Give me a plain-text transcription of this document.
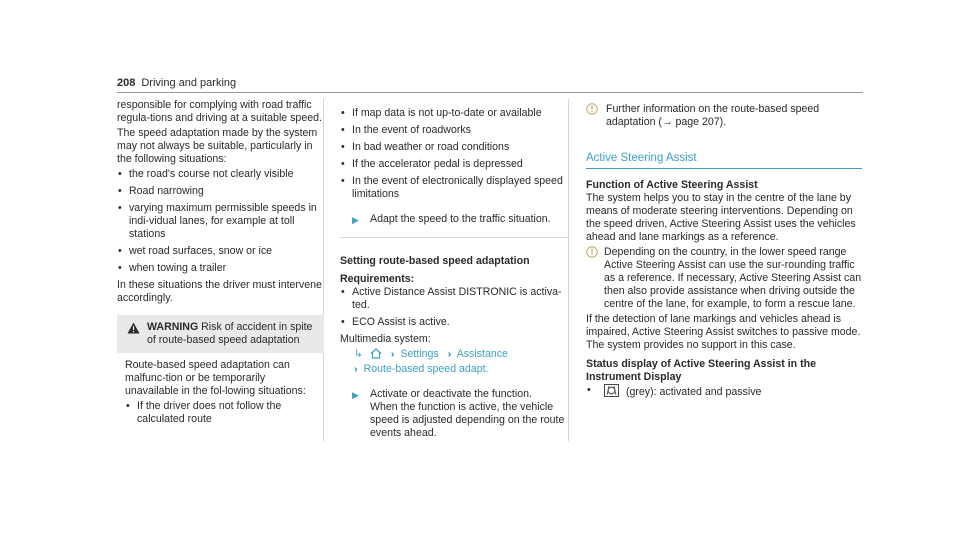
208 Driving and parking

responsible for complying with road traffic regula-tions and driving at a suitable speed.

The speed adaptation made by the system may not always be suitable, particularly in the following situations:

• the road's course not clearly visible
• Road narrowing
• varying maximum permissible speeds in indi-vidual lanes, for example at toll stations
• wet road surfaces, snow or ice
• when towing a trailer

In these situations the driver must intervene accordingly.

WARNING Risk of accident in spite of route-based speed adaptation

Route-based speed adaptation can malfunc-tion or be temporarily unavailable in the fol-lowing situations:

• If the driver does not follow the calculated route
• If map data is not up-to-date or available
• In the event of roadworks
• In bad weather or road conditions
• If the accelerator pedal is depressed
• In the event of electronically displayed speed limitations
▶ Adapt the speed to the traffic situation.

Setting route-based speed adaptation

Requirements:

• Active Distance Assist DISTRONIC is activa-ted.
• ECO Assist is active.

Multimedia system:

↳	›› Settings ›› Assistance
›› Route-based speed adapt.
▶ Activate or deactivate the function.

When the function is active, the vehicle speed is adjusted depending on the route events ahead.

Further information on the route-based speed adaptation (→ page 207).
Active Steering Assist

Function of Active Steering Assist

The system helps you to stay in the centre of the lane by means of moderate steering interventions. Depending on the speed driven, Active Steering Assist uses the vehicles ahead and lane markings as a reference.

Depending on the country, in the lower speed range Active Steering Assist can use the sur-rounding traffic as a reference. If necessary, Active Steering Assist can then also provide assistance when driving outside the centre of the lane, for example, to form a rescue lane.

If the detection of lane markings and vehicles ahead is impaired, Active Steering Assist switches to passive mode. The system provides no support in this case.

Status display of Active Steering Assist in the Instrument Display

• (grey): activated and passive
